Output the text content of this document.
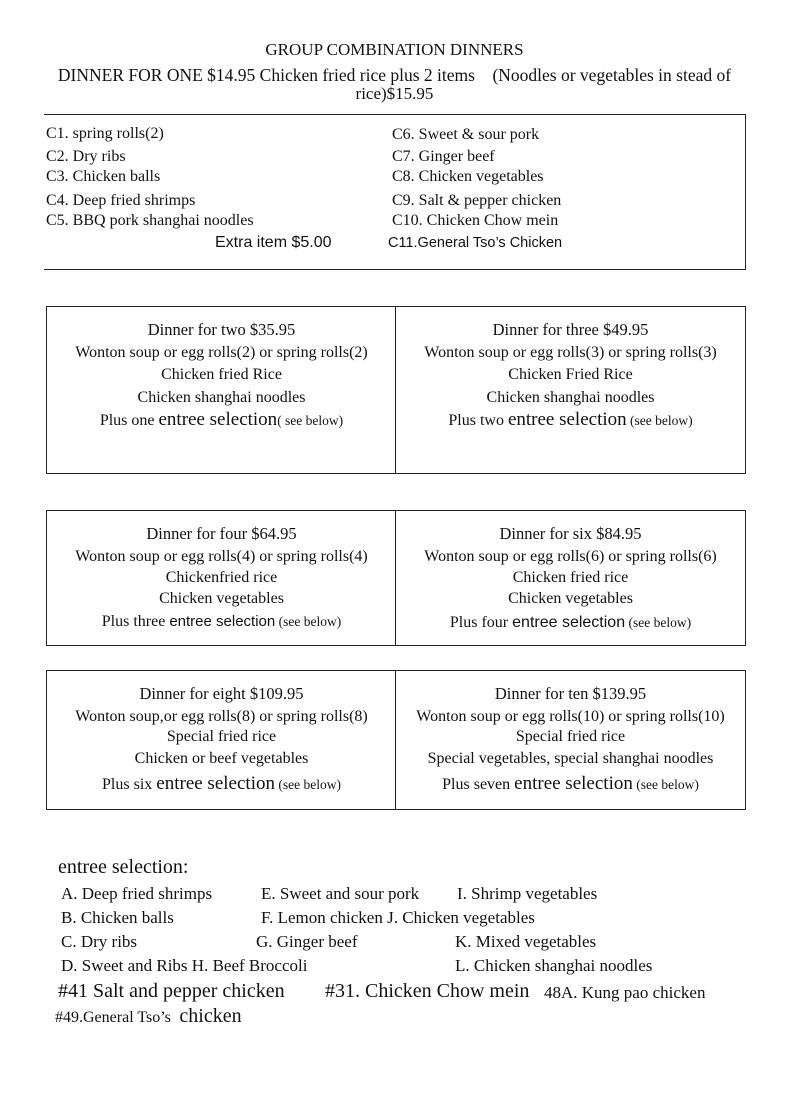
GROUP COMBINATION DINNERS
DINNER FOR ONE $14.95 Chicken fried rice plus 2 items　(Noodles or vegetables in stead of
rice)$15.95
C1. spring rolls(2)
C2. Dry ribs
C3. Chicken balls
C4. Deep fried shrimps
C5. BBQ pork shanghai noodles
Extra item $5.00
C6. Sweet & sour pork
C7. Ginger beef
C8. Chicken vegetables
C9. Salt & pepper chicken
C10. Chicken Chow mein
C11.General Tso’s Chicken
Dinner for two $35.95
Wonton soup or egg rolls(2) or spring rolls(2)
Chicken fried Rice
Chicken shanghai noodles
Plus one entree selection( see below)
Dinner for three $49.95
Wonton soup or egg rolls(3) or spring rolls(3)
Chicken Fried Rice
Chicken shanghai noodles
Plus two entree selection (see below)
Dinner for four $64.95
Wonton soup or egg rolls(4) or spring rolls(4)
Chickenfried rice
Chicken vegetables
Plus three entree selection (see below)
Dinner for six $84.95
Wonton soup or egg rolls(6) or spring rolls(6)
Chicken fried rice
Chicken vegetables
Plus four entree selection (see below)
Dinner for eight $109.95
Wonton soup,or egg rolls(8) or spring rolls(8)
Special fried rice
Chicken or beef vegetables
Plus six entree selection (see below)
Dinner for ten $139.95
Wonton soup or egg rolls(10) or spring rolls(10)
Special fried rice
Special vegetables, special shanghai noodles
Plus seven entree selection (see below)
entree selection:
A. Deep fried shrimps	E. Sweet and sour pork I. Shrimp vegetables
B. Chicken balls	F. Lemon chicken J. Chicken vegetables
C. Dry ribs	G. Ginger beef	K. Mixed vegetables
D. Sweet and Ribs H. Beef Broccoli	L. Chicken shanghai noodles
#41 Salt and pepper chicken #31. Chicken Chow mein 48A. Kung pao chicken
#49.General Tso’s chicken
